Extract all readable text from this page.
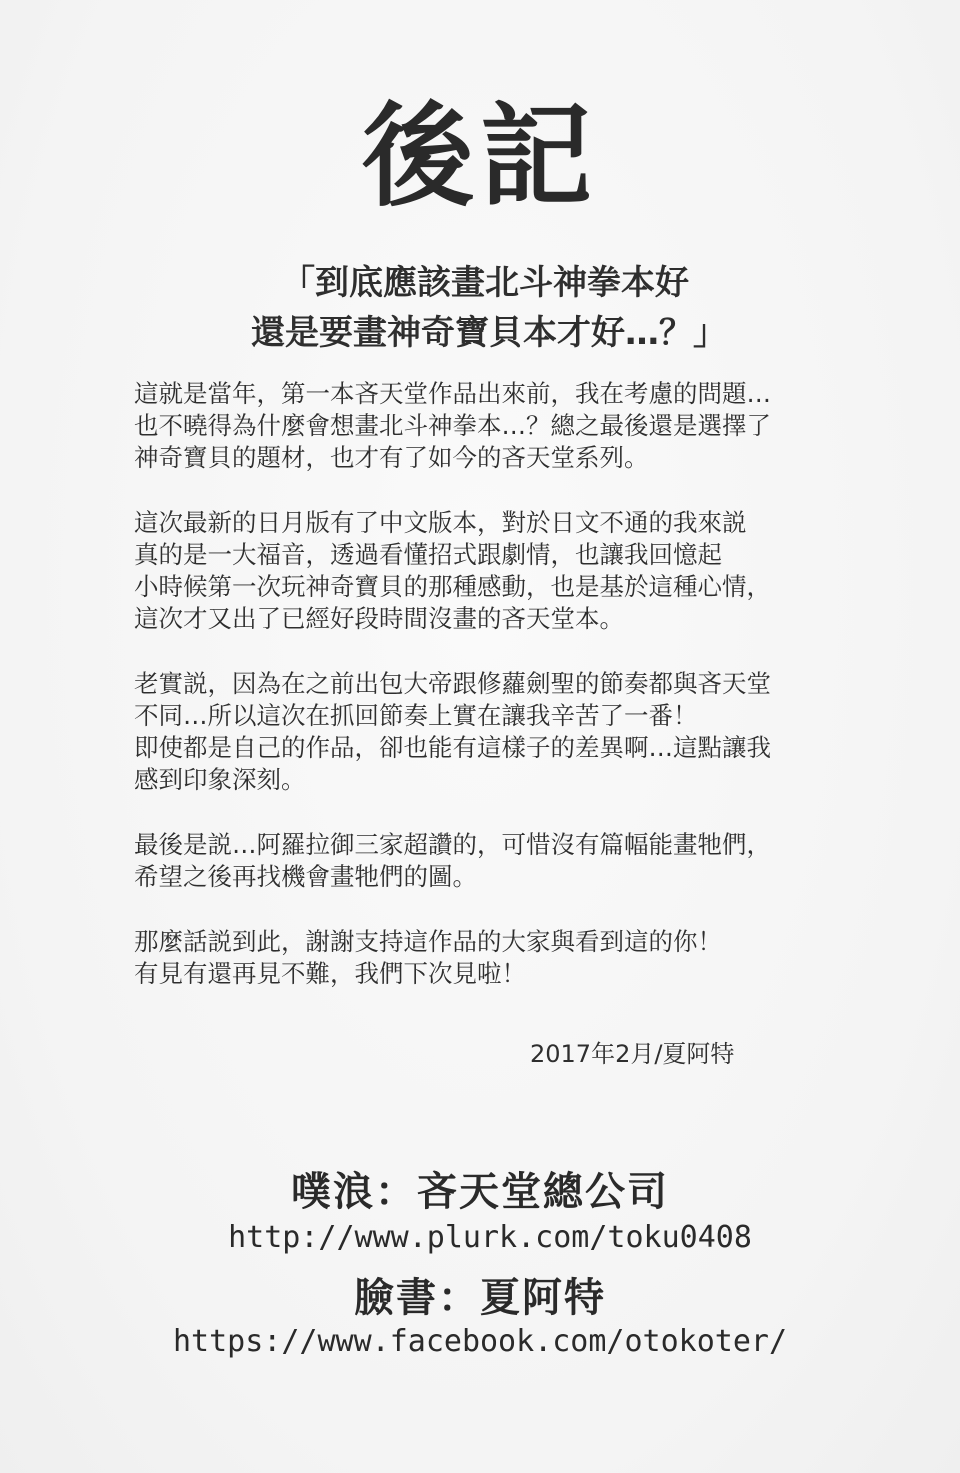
後記
「到底應該畫北斗神拳本好
還是要畫神奇寶貝本才好…？」

這就是當年，第一本吝天堂作品出來前，我在考慮的問題…
也不曉得為什麼會想畫北斗神拳本…？總之最後還是選擇了
神奇寶貝的題材，也才有了如今的吝天堂系列。

這次最新的日月版有了中文版本，對於日文不通的我來説
真的是一大福音，透過看懂招式跟劇情，也讓我回憶起
小時候第一次玩神奇寶貝的那種感動，也是基於這種心情，
這次才又出了已經好段時間沒畫的吝天堂本。

老實説，因為在之前出包大帝跟修蘿劍聖的節奏都與吝天堂
不同…所以這次在抓回節奏上實在讓我辛苦了一番！
即使都是自己的作品，卻也能有這樣子的差異啊…這點讓我
感到印象深刻。

最後是説…阿羅拉御三家超讚的，可惜沒有篇幅能畫牠們，
希望之後再找機會畫牠們的圖。

那麼話説到此，謝謝支持這作品的大家與看到這的你！
有見有還再見不難，我們下次見啦！

2017年2月/夏阿特
噗浪：吝天堂總公司
http://www.plurk.com/toku0408
臉書：夏阿特
https://www.facebook.com/otokoter/
